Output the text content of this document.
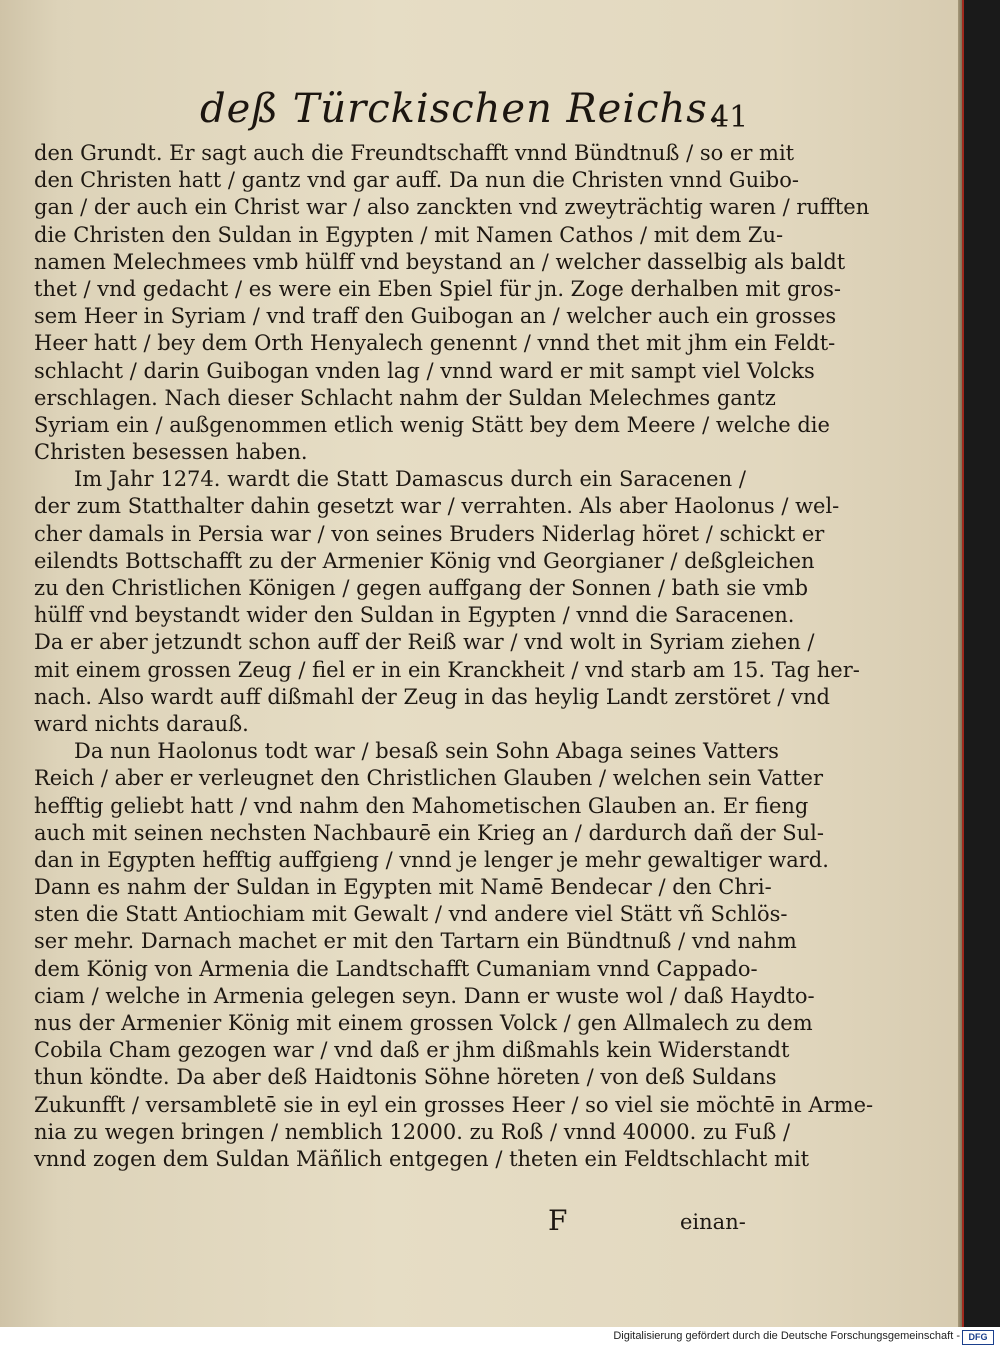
deß Türckischen Reichs.
41
den Grundt. Er sagt auch die Freundtschafft vnnd Bündtnuß / so er mit
den Christen hatt / gantz vnd gar auff. Da nun die Christen vnnd Guibo-
gan / der auch ein Christ war / also zanckten vnd zweyträchtig waren / rufften
die Christen den Suldan in Egypten / mit Namen Cathos / mit dem Zu-
namen Melechmees vmb hülff vnd beystand an / welcher dasselbig als baldt
thet / vnd gedacht / es were ein Eben Spiel für jn. Zoge derhalben mit gros-
sem Heer in Syriam / vnd traff den Guibogan an / welcher auch ein grosses
Heer hatt / bey dem Orth Henyalech genennt / vnnd thet mit jhm ein Feldt-
schlacht / darin Guibogan vnden lag / vnnd ward er mit sampt viel Volcks
erschlagen. Nach dieser Schlacht nahm der Suldan Melechmes gantz
Syriam ein / außgenommen etlich wenig Stätt bey dem Meere / welche die
Christen besessen haben.
Im Jahr 1274. wardt die Statt Damascus durch ein Saracenen /
der zum Statthalter dahin gesetzt war / verrahten. Als aber Haolonus / wel-
cher damals in Persia war / von seines Bruders Niderlag höret / schickt er
eilendts Bottschafft zu der Armenier König vnd Georgianer / deßgleichen
zu den Christlichen Königen / gegen auffgang der Sonnen / bath sie vmb
hülff vnd beystandt wider den Suldan in Egypten / vnnd die Saracenen.
Da er aber jetzundt schon auff der Reiß war / vnd wolt in Syriam ziehen /
mit einem grossen Zeug / fiel er in ein Kranckheit / vnd starb am 15. Tag her-
nach. Also wardt auff dißmahl der Zeug in das heylig Landt zerstöret / vnd
ward nichts darauß.
Da nun Haolonus todt war / besaß sein Sohn Abaga seines Vatters
Reich / aber er verleugnet den Christlichen Glauben / welchen sein Vatter
hefftig geliebt hatt / vnd nahm den Mahometischen Glauben an. Er fieng
auch mit seinen nechsten Nachbaurē ein Krieg an / dardurch dañ der Sul-
dan in Egypten hefftig auffgieng / vnnd je lenger je mehr gewaltiger ward.
Dann es nahm der Suldan in Egypten mit Namē Bendecar / den Chri-
sten die Statt Antiochiam mit Gewalt / vnd andere viel Stätt vñ Schlös-
ser mehr. Darnach machet er mit den Tartarn ein Bündtnuß / vnd nahm
dem König von Armenia die Landtschafft Cumaniam vnnd Cappado-
ciam / welche in Armenia gelegen seyn. Dann er wuste wol / daß Haydto-
nus der Armenier König mit einem grossen Volck / gen Allmalech zu dem
Cobila Cham gezogen war / vnd daß er jhm dißmahls kein Widerstandt
thun köndte. Da aber deß Haidtonis Söhne höreten / von deß Suldans
Zukunfft / versambletē sie in eyl ein grosses Heer / so viel sie möchtē in Arme-
nia zu wegen bringen / nemblich 12000. zu Roß / vnnd 40000. zu Fuß /
vnnd zogen dem Suldan Mäñlich entgegen / theten ein Feldtschlacht mit
F	einan-
Digitalisierung gefördert durch die Deutsche Forschungsgemeinschaft - DFG
